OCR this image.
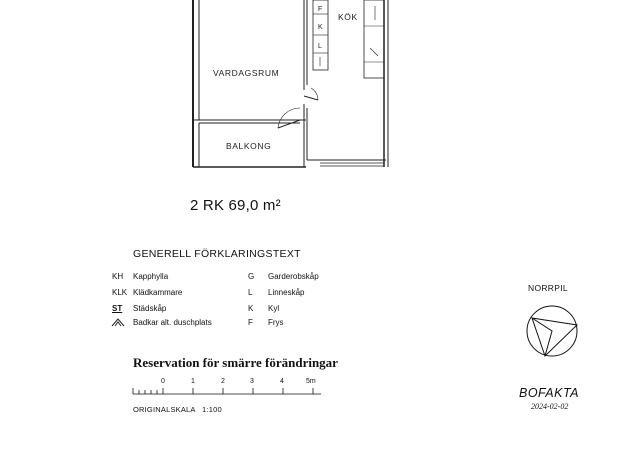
KÖK
VARDAGSRUM
BALKONG
F
K
L
2 RK 69,0 m²
GENERELL FÖRKLARINGSTEXT
KH Kapphylla
KLK Klädkammare
ST Städskåp
Badkar alt. duschplats
G Garderobskåp
L Linneskåp
K Kyl
F Frys
Reservation för smärre förändringar
0	1	2	3	4	5m
ORIGINALSKALA   1:100
NORRPIL
BOFAKTA
2024-02-02
